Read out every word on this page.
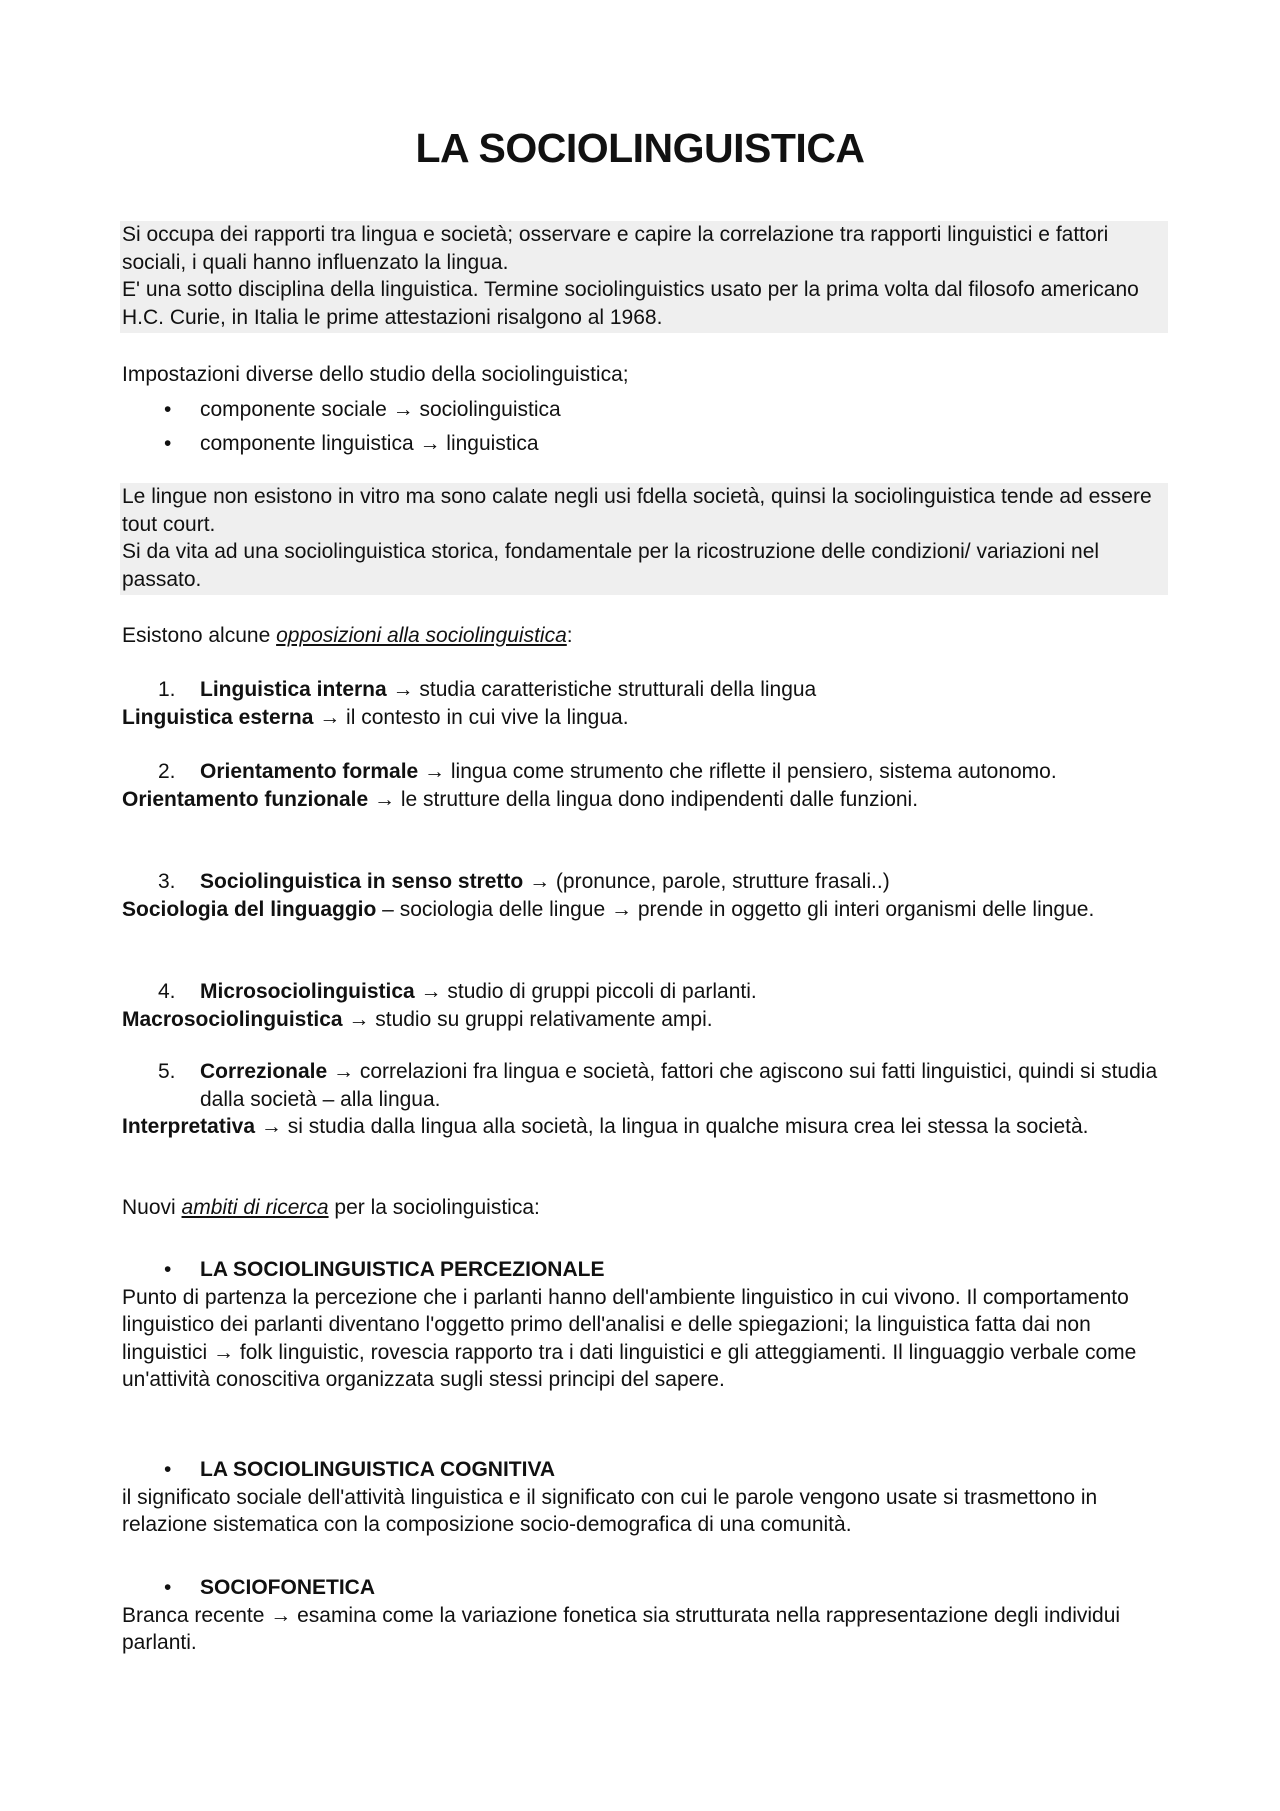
LA SOCIOLINGUISTICA

Si occupa dei rapporti tra lingua e società; osservare e capire la correlazione tra rapporti linguistici e fattori sociali, i quali hanno influenzato la lingua.

E' una sotto disciplina della linguistica. Termine sociolinguistics usato per la prima volta dal filosofo americano H.C. Curie, in Italia le prime attestazioni risalgono al 1968.

Impostazioni diverse dello studio della sociolinguistica;

• componente sociale → sociolinguistica
• componente linguistica → linguistica

Le lingue non esistono in vitro ma sono calate negli usi fdella società, quinsi la sociolinguistica tende ad essere tout court.

Si da vita ad una sociolinguistica storica, fondamentale per la ricostruzione delle condizioni/ variazioni nel passato.

Esistono alcune opposizioni alla sociolinguistica:
1. Linguistica interna → studia caratteristiche strutturali della lingua
Linguistica esterna → il contesto in cui vive la lingua.
2. Orientamento formale → lingua come strumento che riflette il pensiero, sistema autonomo.
Orientamento funzionale → le strutture della lingua dono indipendenti dalle funzioni.
3. Sociolinguistica in senso stretto → (pronunce, parole, strutture frasali..)
Sociologia del linguaggio – sociologia delle lingue → prende in oggetto gli interi organismi delle lingue.
4. Microsociolinguistica → studio di gruppi piccoli di parlanti.
Macrosociolinguistica → studio su gruppi relativamente ampi.
5. Correzionale → correlazioni fra lingua e società, fattori che agiscono sui fatti linguistici, quindi si studia dalla società – alla lingua.
Interpretativa → si studia dalla lingua alla società, la lingua in qualche misura crea lei stessa la società.
Nuovi ambiti di ricerca per la sociolinguistica:
• LA SOCIOLINGUISTICA PERCEZIONALE

Punto di partenza la percezione che i parlanti hanno dell'ambiente linguistico in cui vivono. Il comportamento linguistico dei parlanti diventano l'oggetto primo dell'analisi e delle spiegazioni; la linguistica fatta dai non linguistici → folk linguistic, rovescia rapporto tra i dati linguistici e gli atteggiamenti. Il linguaggio verbale come un'attività conoscitiva organizzata sugli stessi principi del sapere.

• LA SOCIOLINGUISTICA COGNITIVA

il significato sociale dell'attività linguistica e il significato con cui le parole vengono usate si trasmettono in relazione sistematica con la composizione socio-demografica di una comunità.

• SOCIOFONETICA

Branca recente → esamina come la variazione fonetica sia strutturata nella rappresentazione degli individui parlanti.
